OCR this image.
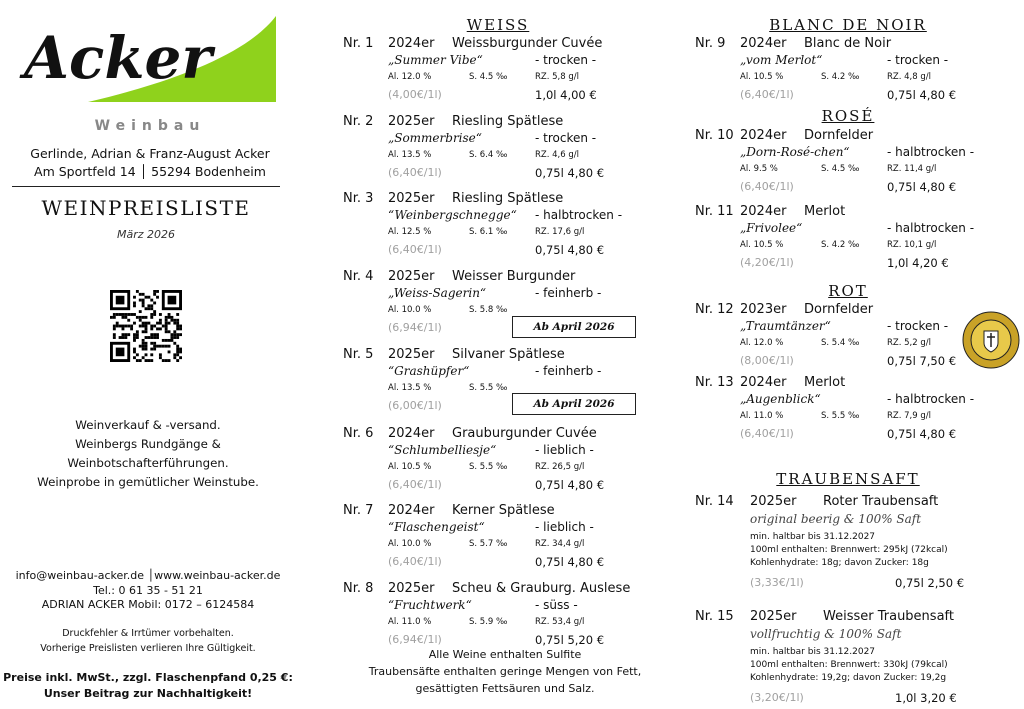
Acker
Weinbau
Gerlinde, Adrian & Franz-August Acker
Am Sportfeld 14 │ 55294 Bodenheim
WEINPREISLISTE
März 2026
Weinverkauf & -versand.
Weinbergs Rundgänge &
Weinbotschafterführungen.
Weinprobe in gemütlicher Weinstube.
info@weinbau-acker.de │www.weinbau-acker.de
Tel.: 0 61 35 - 51 21
ADRIAN ACKER Mobil: 0172 – 6124584
Druckfehler & Irrtümer vorbehalten.
Vorherige Preislisten verlieren Ihre Gültigkeit.
Preise inkl. MwSt., zzgl. Flaschenpfand 0,25 €:
Unser Beitrag zur Nachhaltigkeit!
WEISS	BLANC DE NOIR
ROSÉ
ROT
TRAUBENSAFT
Nr. 1 2024er Weissburgunder Cuvée
„Summer Vibe“	- trocken -
Al. 12.0 %	S. 4.5 ‰	RZ. 5,8 g/l
(4,00€/1l)	1,0l 4,00 €
Nr. 2 2025er Riesling Spätlese
„Sommerbrise“	- trocken -
Al. 13.5 %	S. 6.4 ‰	RZ. 4,6 g/l
(6,40€/1l)	0,75l 4,80 €
Nr. 3 2025er Riesling Spätlese
“Weinbergschnegge“ - halbtrocken -
Al. 12.5 %	S. 6.1 ‰	RZ. 17,6 g/l
(6,40€/1l)	0,75l 4,80 €
Nr. 4 2025er Weisser Burgunder
„Weiss-Sagerin“	- feinherb -
Al. 10.0 %	S. 5.8 ‰
(6,94€/1l)
Nr. 5 2025er Silvaner Spätlese
“Grashüpfer“	- feinherb -
Al. 13.5 %	S. 5.5 ‰
(6,00€/1l)
Nr. 6 2024er Grauburgunder Cuvée
“Schlumbelliesje“	- lieblich -
Al. 10.5 %	S. 5.5 ‰	RZ. 26,5 g/l
(6,40€/1l)	0,75l 4,80 €
Nr. 7 2024er Kerner Spätlese
“Flaschengeist“	- lieblich -
Al. 10.0 %	S. 5.7 ‰	RZ. 34,4 g/l
(6,40€/1l)	0,75l 4,80 €
Nr. 8 2025er Scheu & Grauburg. Auslese
“Fruchtwerk“	- süss -
Al. 11.0 %	S. 5.9 ‰	RZ. 53,4 g/l
(6,94€/1l)	0,75l 5,20 €
Nr. 9 2024er Blanc de Noir
„vom Merlot“	- trocken -
Al. 10.5 %	S. 4.2 ‰	RZ. 4,8 g/l
(6,40€/1l)	0,75l 4,80 €
Nr. 10 2024er Dornfelder
„Dorn-Rosé-chen“	- halbtrocken -
Al. 9.5 %	S. 4.5 ‰	RZ. 11,4 g/l
(6,40€/1l)	0,75l 4,80 €
Nr. 11 2024er Merlot
„Frivolee“	- halbtrocken -
Al. 10.5 %	S. 4.2 ‰	RZ. 10,1 g/l
(4,20€/1l)	1,0l 4,20 €
Nr. 12 2023er Dornfelder
„Traumtänzer“	- trocken -
Al. 12.0 %	S. 5.4 ‰	RZ. 5,2 g/l
(8,00€/1l)	0,75l 7,50 €
Nr. 13 2024er Merlot
„Augenblick“	- halbtrocken -
Al. 11.0 %	S. 5.5 ‰	RZ. 7,9 g/l
(6,40€/1l)	0,75l 4,80 €
Nr. 14 2025er Roter Traubensaft
original beerig & 100% Saft
(3,33€/1l)	0,75l 2,50 €
min. haltbar bis 31.12.2027
100ml enthalten: Brennwert: 295kJ (72kcal)
Kohlenhydrate: 18g; davon Zucker: 18g
Nr. 15 2025er Weisser Traubensaft
vollfruchtig & 100% Saft
(3,20€/1l)	1,0l 3,20 €
min. haltbar bis 31.12.2027
100ml enthalten: Brennwert: 330kJ (79kcal)
Kohlenhydrate: 19,2g; davon Zucker: 19,2g
Alle Weine enthalten Sulfite
Traubensäfte enthalten geringe Mengen von Fett,
gesättigten Fettsäuren und Salz.
Ab April 2026
Ab April 2026
